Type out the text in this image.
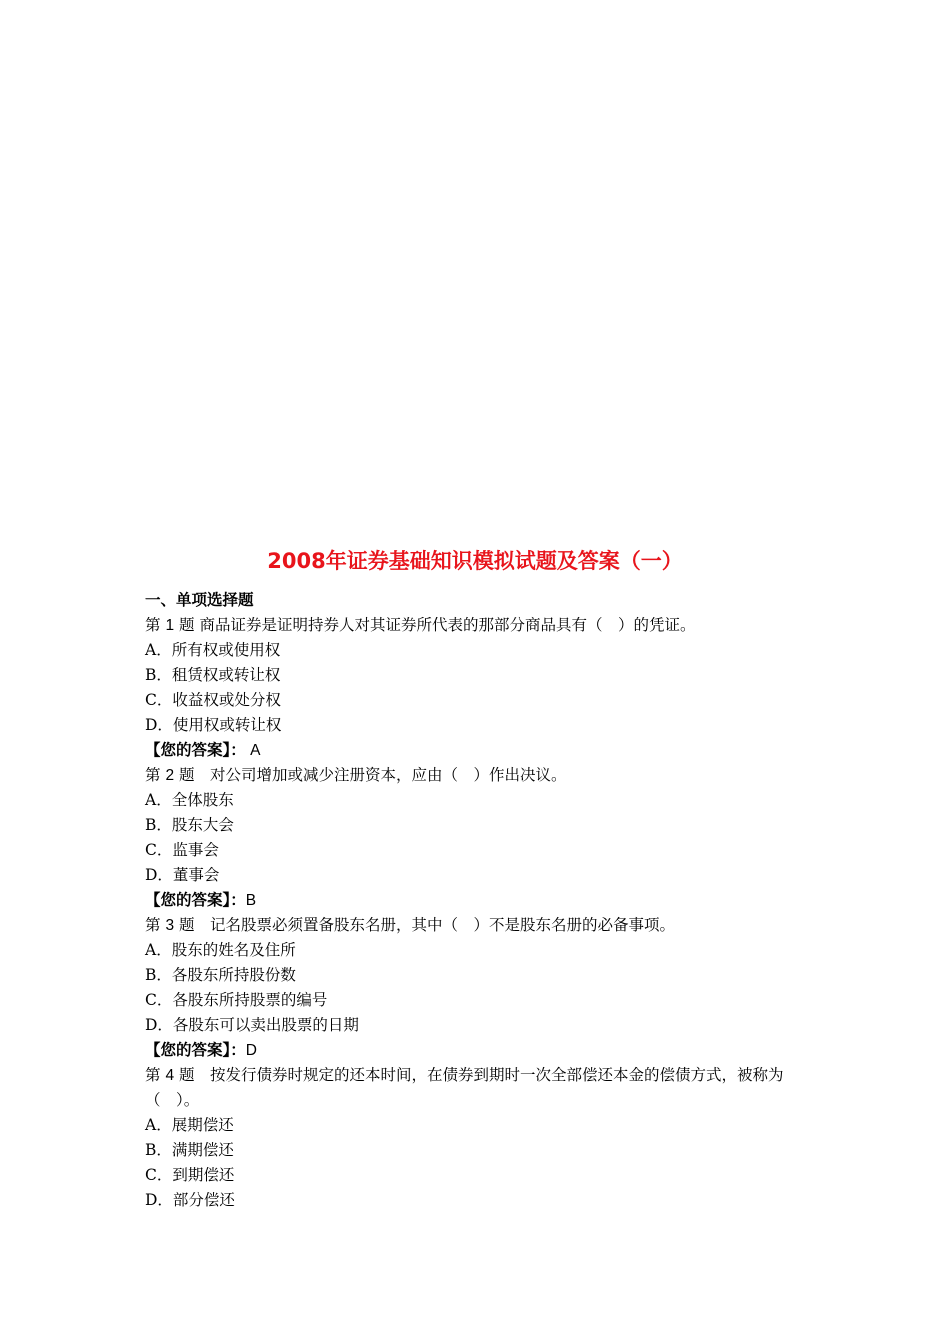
2008年证券基础知识模拟试题及答案（一）

一、单项选择题

第 1 题 商品证券是证明持券人对其证券所代表的那部分商品具有（　）的凭证。

A．所有权或使用权

B．租赁权或转让权

C．收益权或处分权

D．使用权或转让权

【您的答案】： A

第 2 题　对公司增加或减少注册资本，应由（　）作出决议。

A．全体股东

B．股东大会

C．监事会

D．董事会

【您的答案】：B

第 3 题　记名股票必须置备股东名册，其中（　）不是股东名册的必备事项。

A．股东的姓名及住所

B．各股东所持股份数

C．各股东所持股票的编号

D．各股东可以卖出股票的日期

【您的答案】：D

第 4 题　按发行债券时规定的还本时间，在债券到期时一次全部偿还本金的偿债方式，被称为（　）。

A．展期偿还

B．满期偿还

C．到期偿还

D．部分偿还
